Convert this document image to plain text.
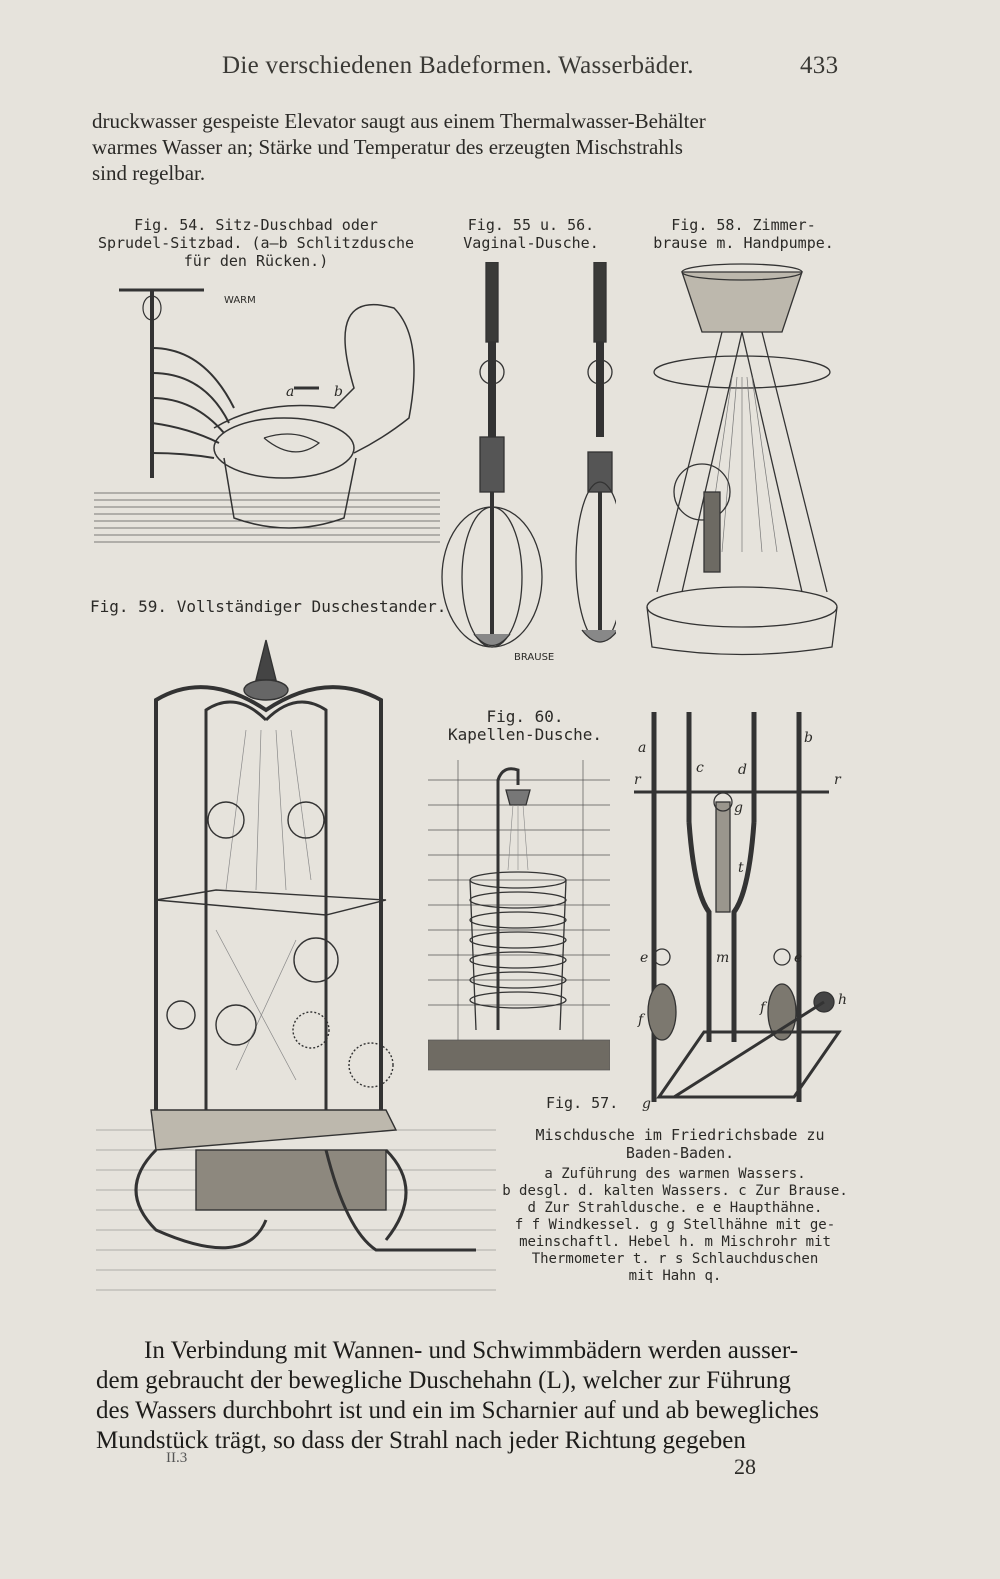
Die verschiedenen Badeformen. Wasserbäder.	433
druckwasser gespeiste Elevator saugt aus einem Thermalwasser-Behälter
warmes Wasser an; Stärke und Temperatur des erzeugten Mischstrahls
sind regelbar.
Fig. 54. Sitz-Duschbad oder
Sprudel-Sitzbad. (a—b Schlitzdusche
für den Rücken.)
Fig. 55 u. 56.
Vaginal-Dusche.
Fig. 58. Zimmer-
brause m. Handpumpe.
WARM
a	b
BRAUSE
Fig. 59. Vollständiger Duschestander.
Fig. 60.
Kapellen-Dusche.
a
b
c d
r	r
g
t
m
e	e
f
f	h
g
Fig. 57.
Mischdusche im Friedrichsbade zu
Baden-Baden.
a Zuführung des warmen Wassers.
b desgl. d. kalten Wassers. c Zur Brause.
d Zur Strahldusche. e e Haupthähne.
f f Windkessel. g g Stellhähne mit ge-
meinschaftl. Hebel h. m Mischrohr mit
Thermometer t. r s Schlauchduschen
mit Hahn q.
In Verbindung mit Wannen- und Schwimmbädern werden ausser-
dem gebraucht der bewegliche Duschehahn (L), welcher zur Führung
des Wassers durchbohrt ist und ein im Scharnier auf und ab bewegliches
Mundstück trägt, so dass der Strahl nach jeder Richtung gegeben
II.3	28
